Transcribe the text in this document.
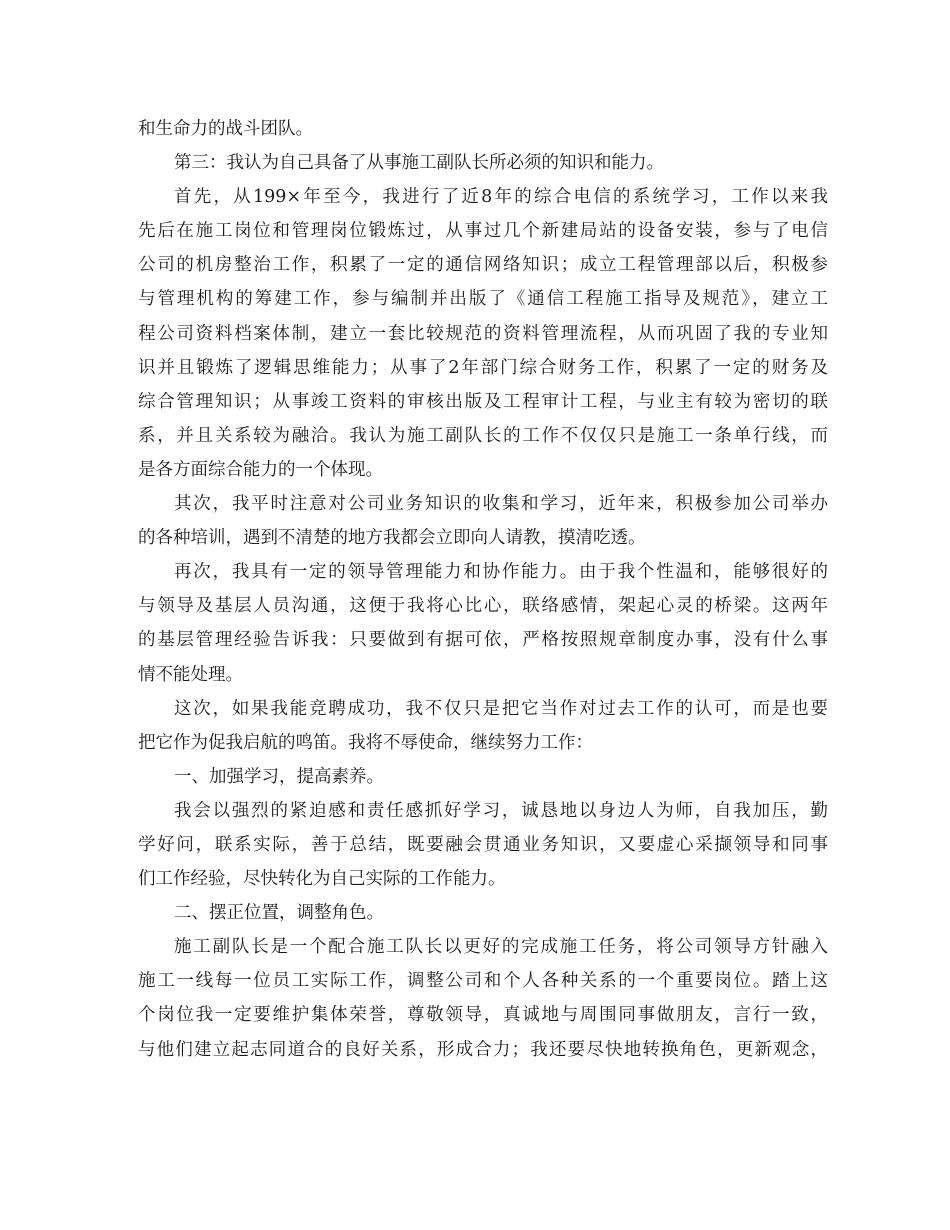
和生命力的战斗团队。
第三：我认为自己具备了从事施工副队长所必须的知识和能力。
首先，从199×年至今，我进行了近8年的综合电信的系统学习，工作以来我
先后在施工岗位和管理岗位锻炼过，从事过几个新建局站的设备安装，参与了电信
公司的机房整治工作，积累了一定的通信网络知识；成立工程管理部以后，积极参
与管理机构的筹建工作，参与编制并出版了《通信工程施工指导及规范》，建立工
程公司资料档案体制，建立一套比较规范的资料管理流程，从而巩固了我的专业知
识并且锻炼了逻辑思维能力；从事了2年部门综合财务工作，积累了一定的财务及
综合管理知识；从事竣工资料的审核出版及工程审计工程，与业主有较为密切的联
系，并且关系较为融洽。我认为施工副队长的工作不仅仅只是施工一条单行线，而
是各方面综合能力的一个体现。
其次，我平时注意对公司业务知识的收集和学习，近年来，积极参加公司举办
的各种培训，遇到不清楚的地方我都会立即向人请教，摸清吃透。
再次，我具有一定的领导管理能力和协作能力。由于我个性温和，能够很好的
与领导及基层人员沟通，这便于我将心比心，联络感情，架起心灵的桥梁。这两年
的基层管理经验告诉我：只要做到有据可依，严格按照规章制度办事，没有什么事
情不能处理。
这次，如果我能竞聘成功，我不仅只是把它当作对过去工作的认可，而是也要
把它作为促我启航的鸣笛。我将不辱使命，继续努力工作：
一、加强学习，提高素养。
我会以强烈的紧迫感和责任感抓好学习，诚恳地以身边人为师，自我加压，勤
学好问，联系实际，善于总结，既要融会贯通业务知识，又要虚心采撷领导和同事
们工作经验，尽快转化为自己实际的工作能力。
二、摆正位置，调整角色。
施工副队长是一个配合施工队长以更好的完成施工任务，将公司领导方针融入
施工一线每一位员工实际工作，调整公司和个人各种关系的一个重要岗位。踏上这
个岗位我一定要维护集体荣誉，尊敬领导，真诚地与周围同事做朋友，言行一致，
与他们建立起志同道合的良好关系，形成合力；我还要尽快地转换角色，更新观念，
